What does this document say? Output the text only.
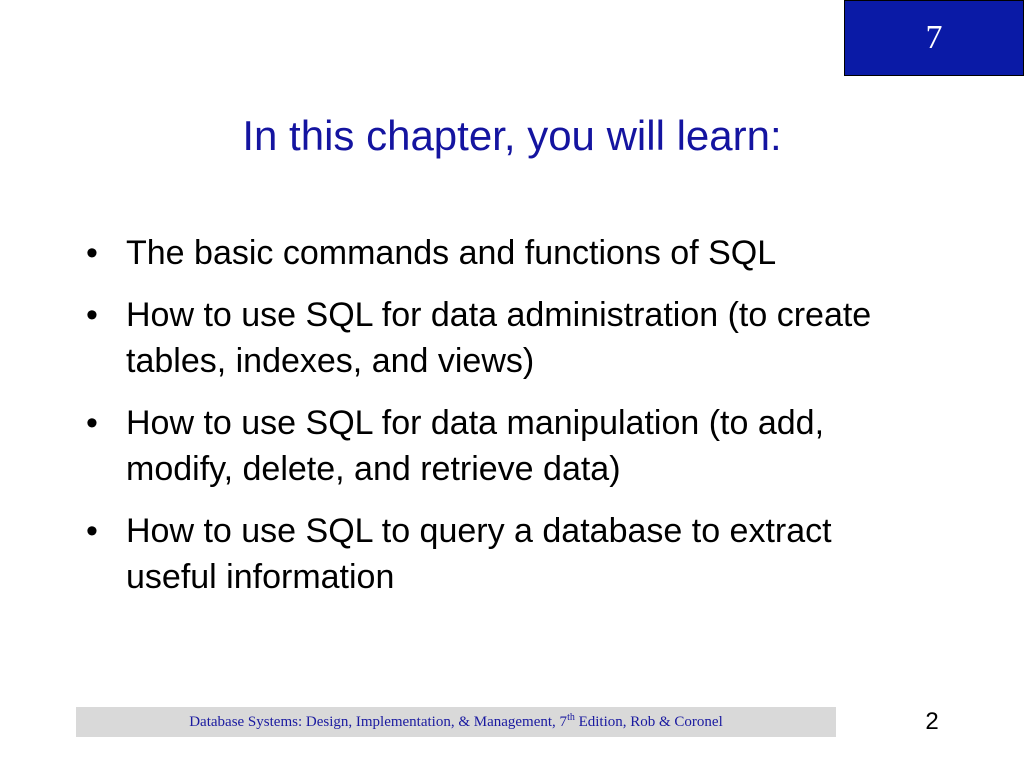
7
In this chapter, you will learn:
• The basic commands and functions of SQL
• How to use SQL for data administration (to create tables, indexes, and views)
• How to use SQL for data manipulation (to add, modify, delete, and retrieve data)
• How to use SQL to query a database to extract useful information
Database Systems: Design, Implementation, & Management, 7th Edition, Rob & Coronel	2
